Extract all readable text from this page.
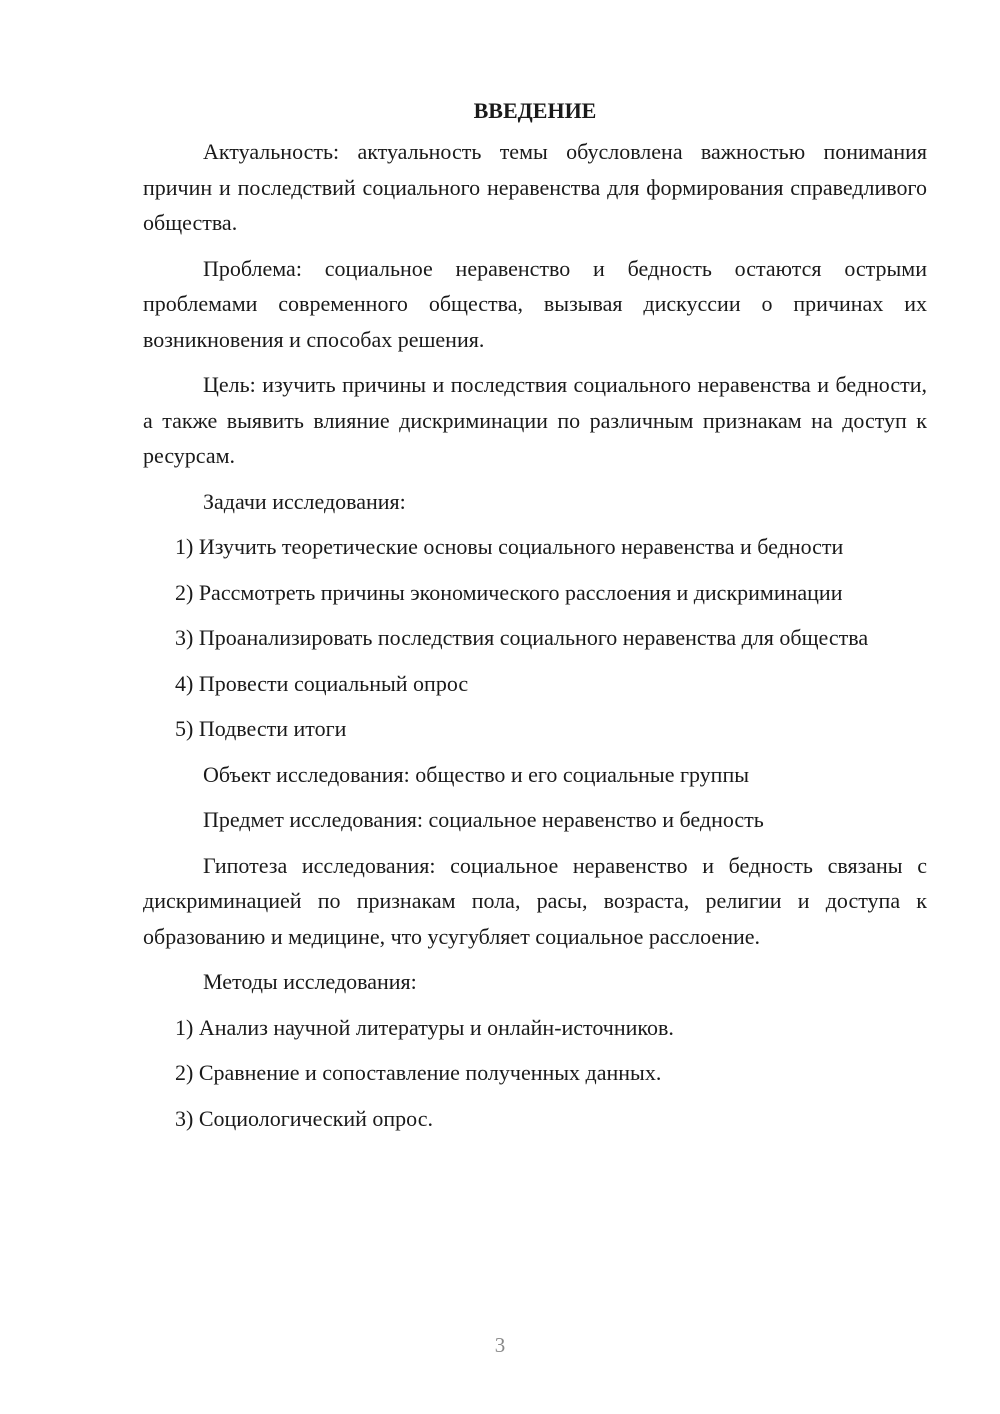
ВВЕДЕНИЕ

Актуальность: актуальность темы обусловлена важностью понимания причин и последствий социального неравенства для формирования справедливого общества.

Проблема: социальное неравенство и бедность остаются острыми проблемами современного общества, вызывая дискуссии о причинах их возникновения и способах решения.

Цель: изучить причины и последствия социального неравенства и бедности, а также выявить влияние дискриминации по различным признакам на доступ к ресурсам.

Задачи исследования:

1) Изучить теоретические основы социального неравенства и бедности

2) Рассмотреть причины экономического расслоения и дискриминации

3) Проанализировать последствия социального неравенства для общества

4) Провести социальный опрос

5) Подвести итоги

Объект исследования: общество и его социальные группы

Предмет исследования: социальное неравенство и бедность

Гипотеза исследования: социальное неравенство и бедность связаны с дискриминацией по признакам пола, расы, возраста, религии и доступа к образованию и медицине, что усугубляет социальное расслоение.

Методы исследования:

1) Анализ научной литературы и онлайн-источников.

2) Сравнение и сопоставление полученных данных.

3) Социологический опрос.

3
